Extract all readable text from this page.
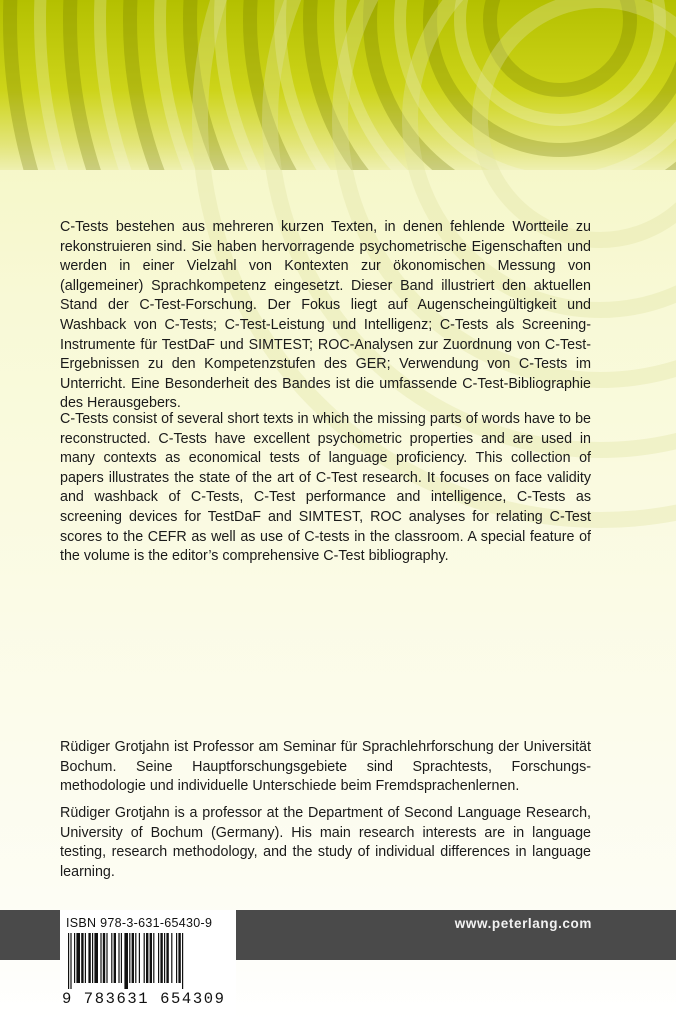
C-Tests bestehen aus mehreren kurzen Texten, in denen fehlende Wortteile zu rekonstruieren sind. Sie haben hervorragende psychometrische Eigenschaften und werden in einer Vielzahl von Kontexten zur ökonomischen Messung von (allgemeiner) Sprachkompetenz eingesetzt. Dieser Band illustriert den aktuellen Stand der C-Test-Forschung. Der Fokus liegt auf Augenscheingültigkeit und Washback von C-Tests; C-Test-Leistung und Intelligenz; C-Tests als Screening-Instrumente für TestDaF und SIMTEST; ROC-Analysen zur Zuordnung von C-Test-Ergebnissen zu den Kompetenzstufen des GER; Verwendung von C-Tests im Unterricht. Eine Besonderheit des Bandes ist die umfassende C-Test-Bibliographie des Herausgebers.

C-Tests consist of several short texts in which the missing parts of words have to be reconstructed. C-Tests have excellent psychometric properties and are used in many contexts as economical tests of language proficiency. This collection of papers illustrates the state of the art of C-Test research. It focuses on face validity and washback of C-Tests, C-Test performance and intelligence, C-Tests as screening devices for TestDaF and SIMTEST, ROC analyses for relating C-Test scores to the CEFR as well as use of C-tests in the classroom. A special feature of the volume is the editor’s comprehensive C-Test bibliography.

Rüdiger Grotjahn ist Professor am Seminar für Sprachlehrforschung der Universität Bochum. Seine Hauptforschungsgebiete sind Sprachtests, Forschungsmethodologie und individuelle Unterschiede beim Fremdsprachenlernen.

Rüdiger Grotjahn is a professor at the Department of Second Language Research, University of Bochum (Germany). His main research interests are in language testing, research methodology, and the study of individual differences in language learning.

www.peterlang.com
ISBN 978-3-631-65430-9
9 783631 654309
